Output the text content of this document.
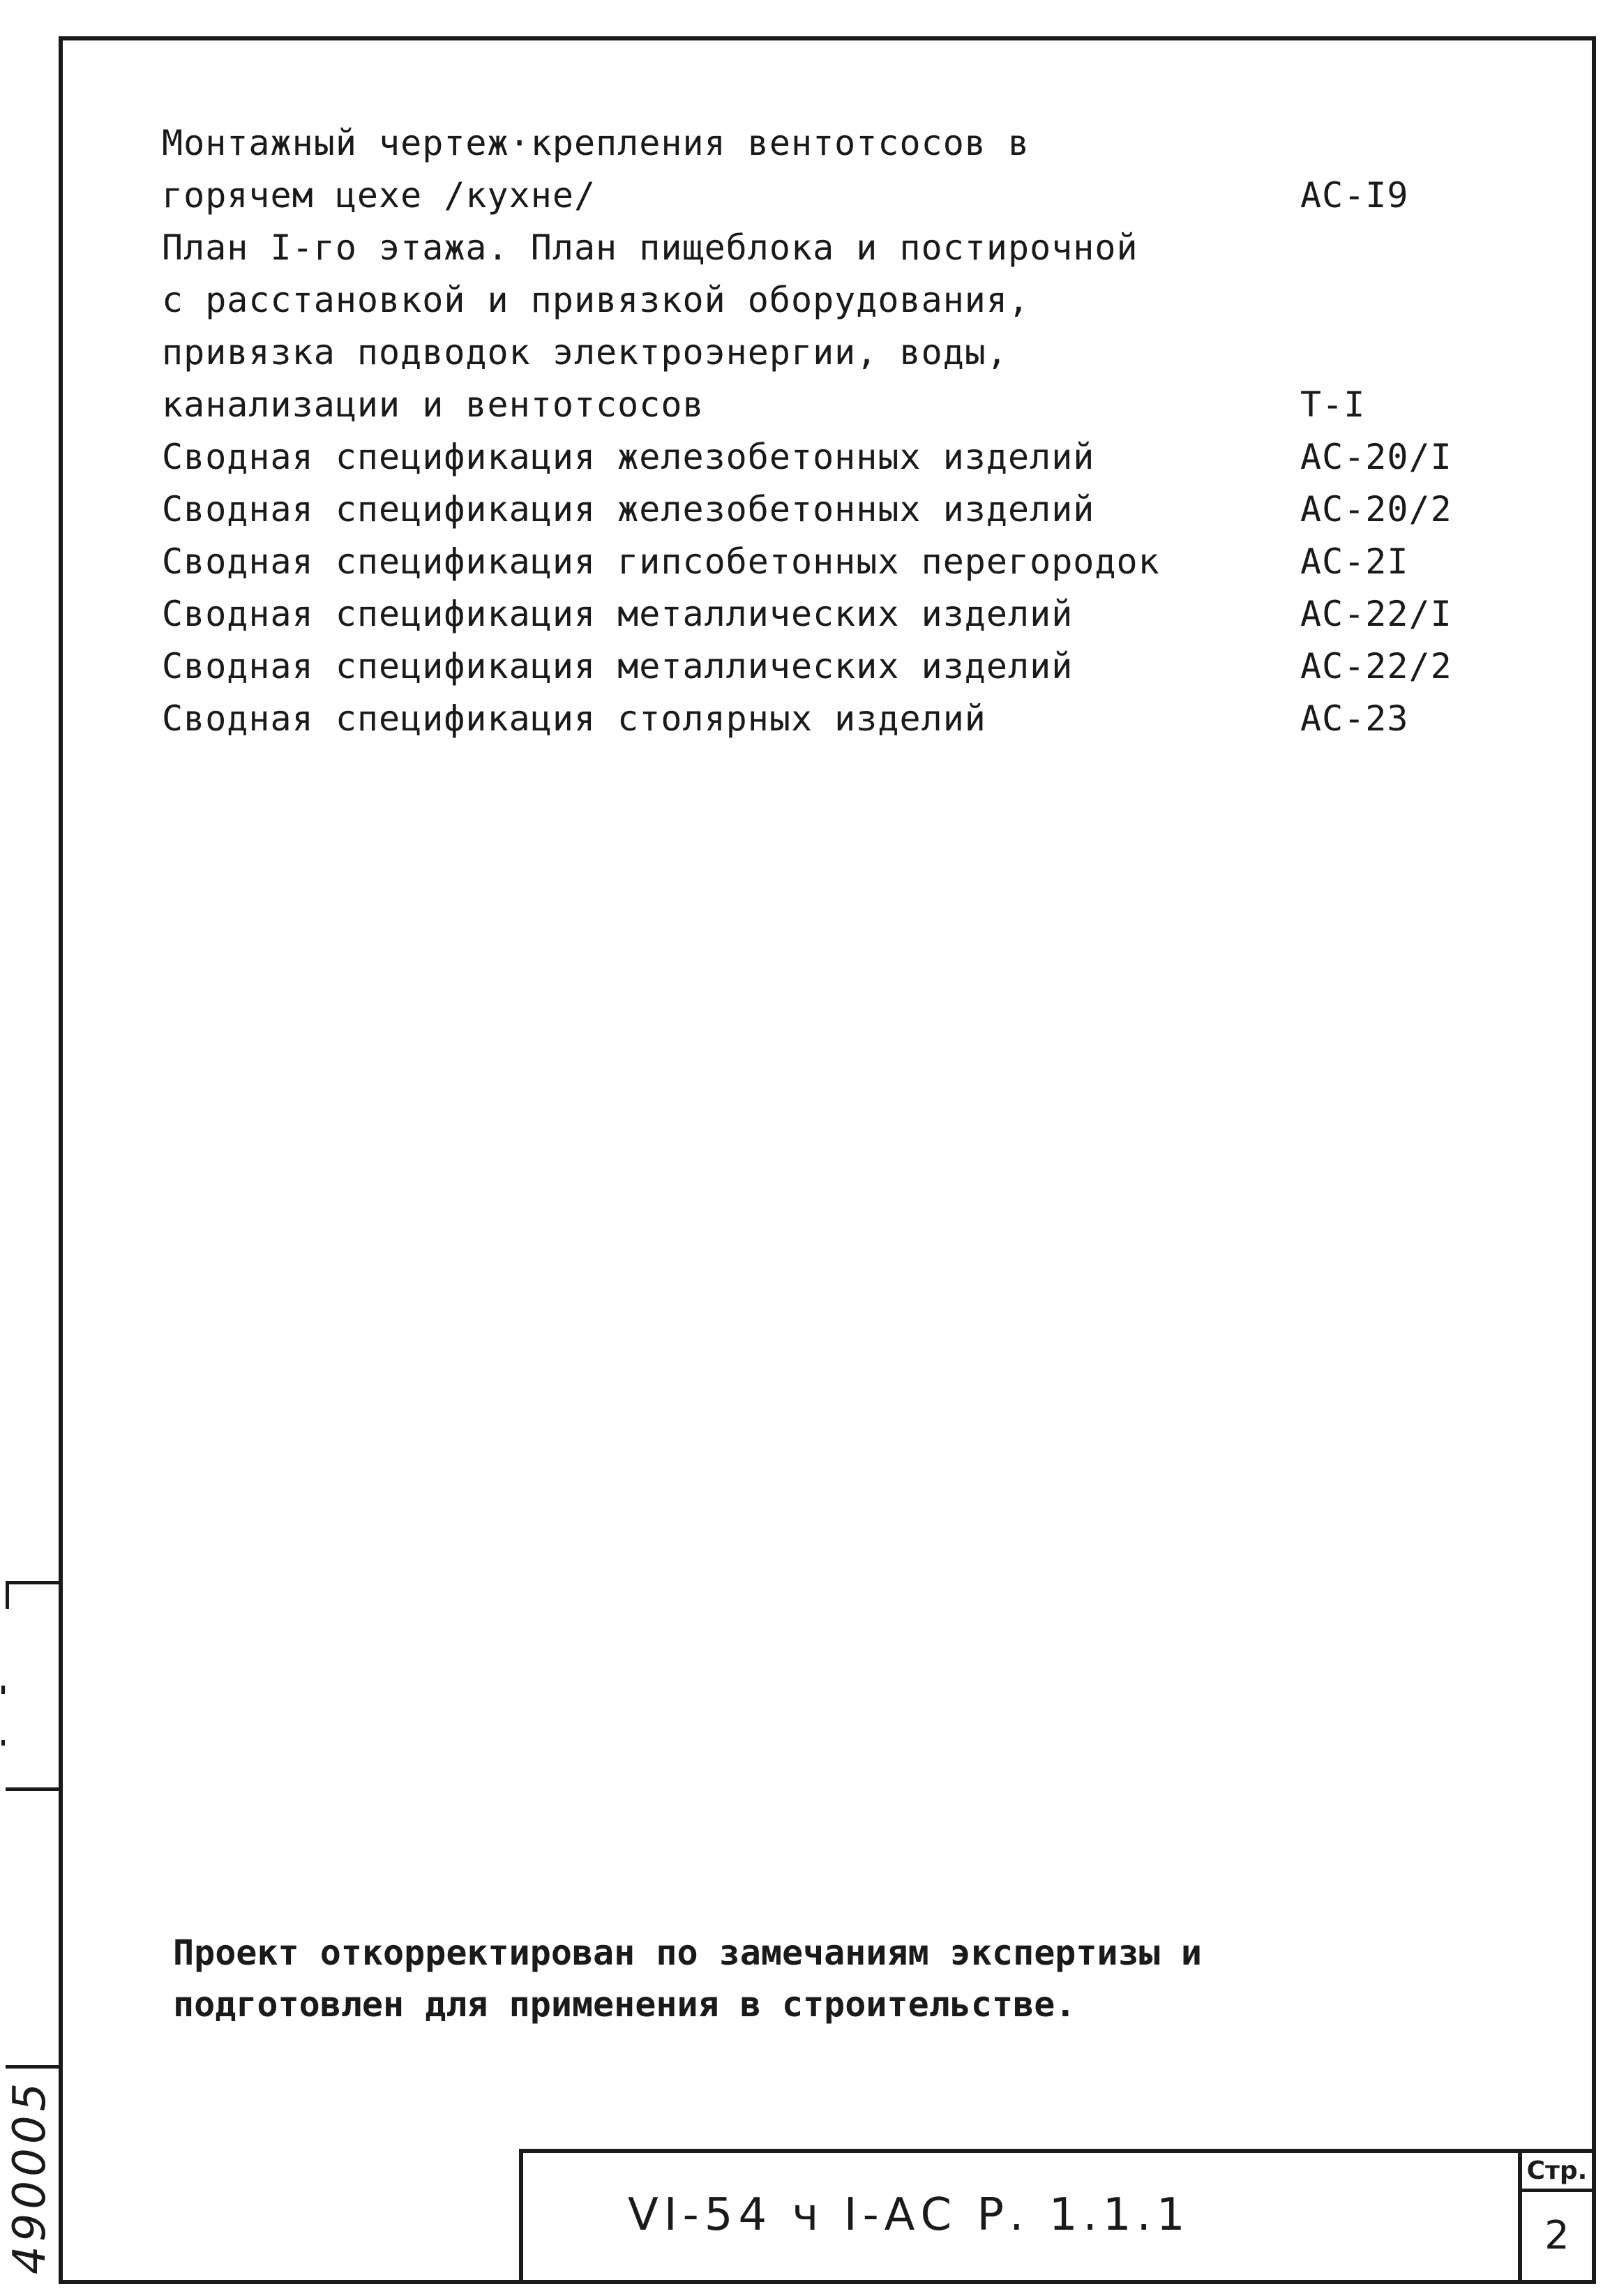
Монтажный чертеж·крепления вентотсосов в
горячем цехе /кухне/	АС-I9
План I-го этажа. План пищеблока и постирочной
с расстановкой и привязкой оборудования,
привязка подводок электроэнергии, воды,
канализации и вентотсосов	Т-I
Сводная спецификация железобетонных изделий	АС-20/I
Сводная спецификация железобетонных изделий	АС-20/2
Сводная спецификация гипсобетонных перегородок	АС-2I
Сводная спецификация металлических изделий	АС-22/I
Сводная спецификация металлических изделий	АС-22/2
Сводная спецификация столярных изделий	АС-23
Проект откорректирован по замечаниям экспертизы и
подготовлен для применения в строительстве.
VI-54 ч I-АС Р. 1.1.1
Стр.
2
490005
